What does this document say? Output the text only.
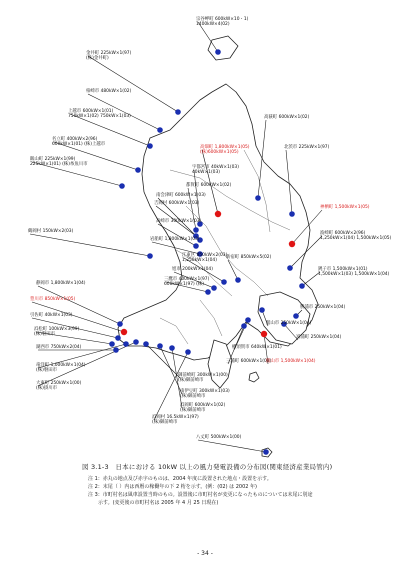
宗谷岬町 600kW×10・1)
1400kW×4(02)
金井町 225kW×1(97)
(株)金井町)
柏崎市 480kW×1(02)
上越市 600kW×1(01)
750kW×1(02) 750kW×1(03)
名立町 400kW×2(96)
600kW×1(01) (株)上越市
飯山町 225kW×1(99)
225kW×1(01) (株)糸魚川市
高畑町 1,800kW×1(05)
(株)600kW×1(05)
宇都宮市 40kW×1(03)
40kW×1(03)
都賀町 600kW×1(02)
高萩町 600kW×1(02)
北茨市 225kW×1(97)
神栖町 1,500kW×1(05)
波崎町 600kW×2(96)
1,250kW×1(04) 1,500kW×1(05)
銚子市 1,500kW×1(01)
1,500kW×1(03) 1,500kW×1(04)
吉岡村 600kW×1(03)
高崎市 300kW×1(03)
岩船町 1,800kW×1(03)
南会津町 600kW×1(03)
鶴岡村 150kW×2(03)
三鷹市 400kW×1(97)
600kW×1(97) (株)
江東区 850kW×2(03)
1,250kW×1(04)
新宿町 850kW×5(02)
旭市 200kW×1(04)
静岡市 1,800kW×1(04)
豊川市 850kW×1(05)
引佐町 40kW×1(03)
浜松町 100kW×3(99)
(株)磐田市
湖西市 750kW×2(04)
竜洋町 1,000kW×1(04)
(株)磐田市
大東町 250kW×1(00)
(株)掛川市
横須賀市 640kW×1(01)
三浦町 600kW×1(03)
館山市 250kW×1(04)
館山市 1,500kW×1(04)
富浦町 250kW×1(04)
勝浦市 250kW×1(04)
御前崎町 300kW×1(00)
(株)御前崎市
南伊豆町 300kW×1(03)
(株)御前崎市
浜岡町 600kW×1(02)
(株)御前崎市
浜岡村 16.5kW×1(97)
(株)御前崎市
八丈町 500kW×1(00)
図 3.1-3　日本における 10kW 以上の風力発電設備の分布図(関東経済産業局管内)
注 1：赤丸の地点及び赤字のものは、2004 年度に設置された地点・設置を示す。
注 2：末尾（ ）内は西暦の稼働年の下 2 桁を示す。(例：(02) は 2002 年)
注 3：市町村名は風車設置当時のもの。設置後に市町村名が変更になったものについては末尾に別途
　　示す。(変更後の市町村名は 2005 年 4 月 25 日現在)
- 34 -
